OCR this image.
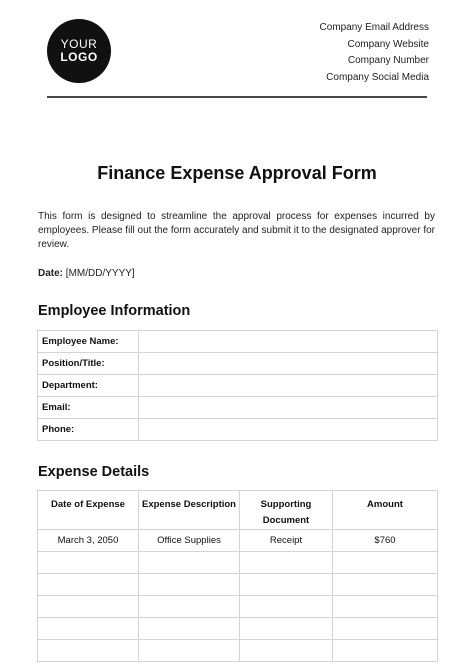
YOUR
LOGO
Company Email Address
Company Website
Company Number
Company Social Media
Finance Expense Approval Form
This form is designed to streamline the approval process for expenses incurred by employees. Please fill out the form accurately and submit it to the designated approver for review.
Date: [MM/DD/YYYY]
Employee Information
Employee Name:	
Position/Title:	
Department:	
Email:	
Phone:	
Expense Details
Date of Expense	Expense Description	Supporting Document	Amount
March 3, 2050	Office Supplies	Receipt	$760
